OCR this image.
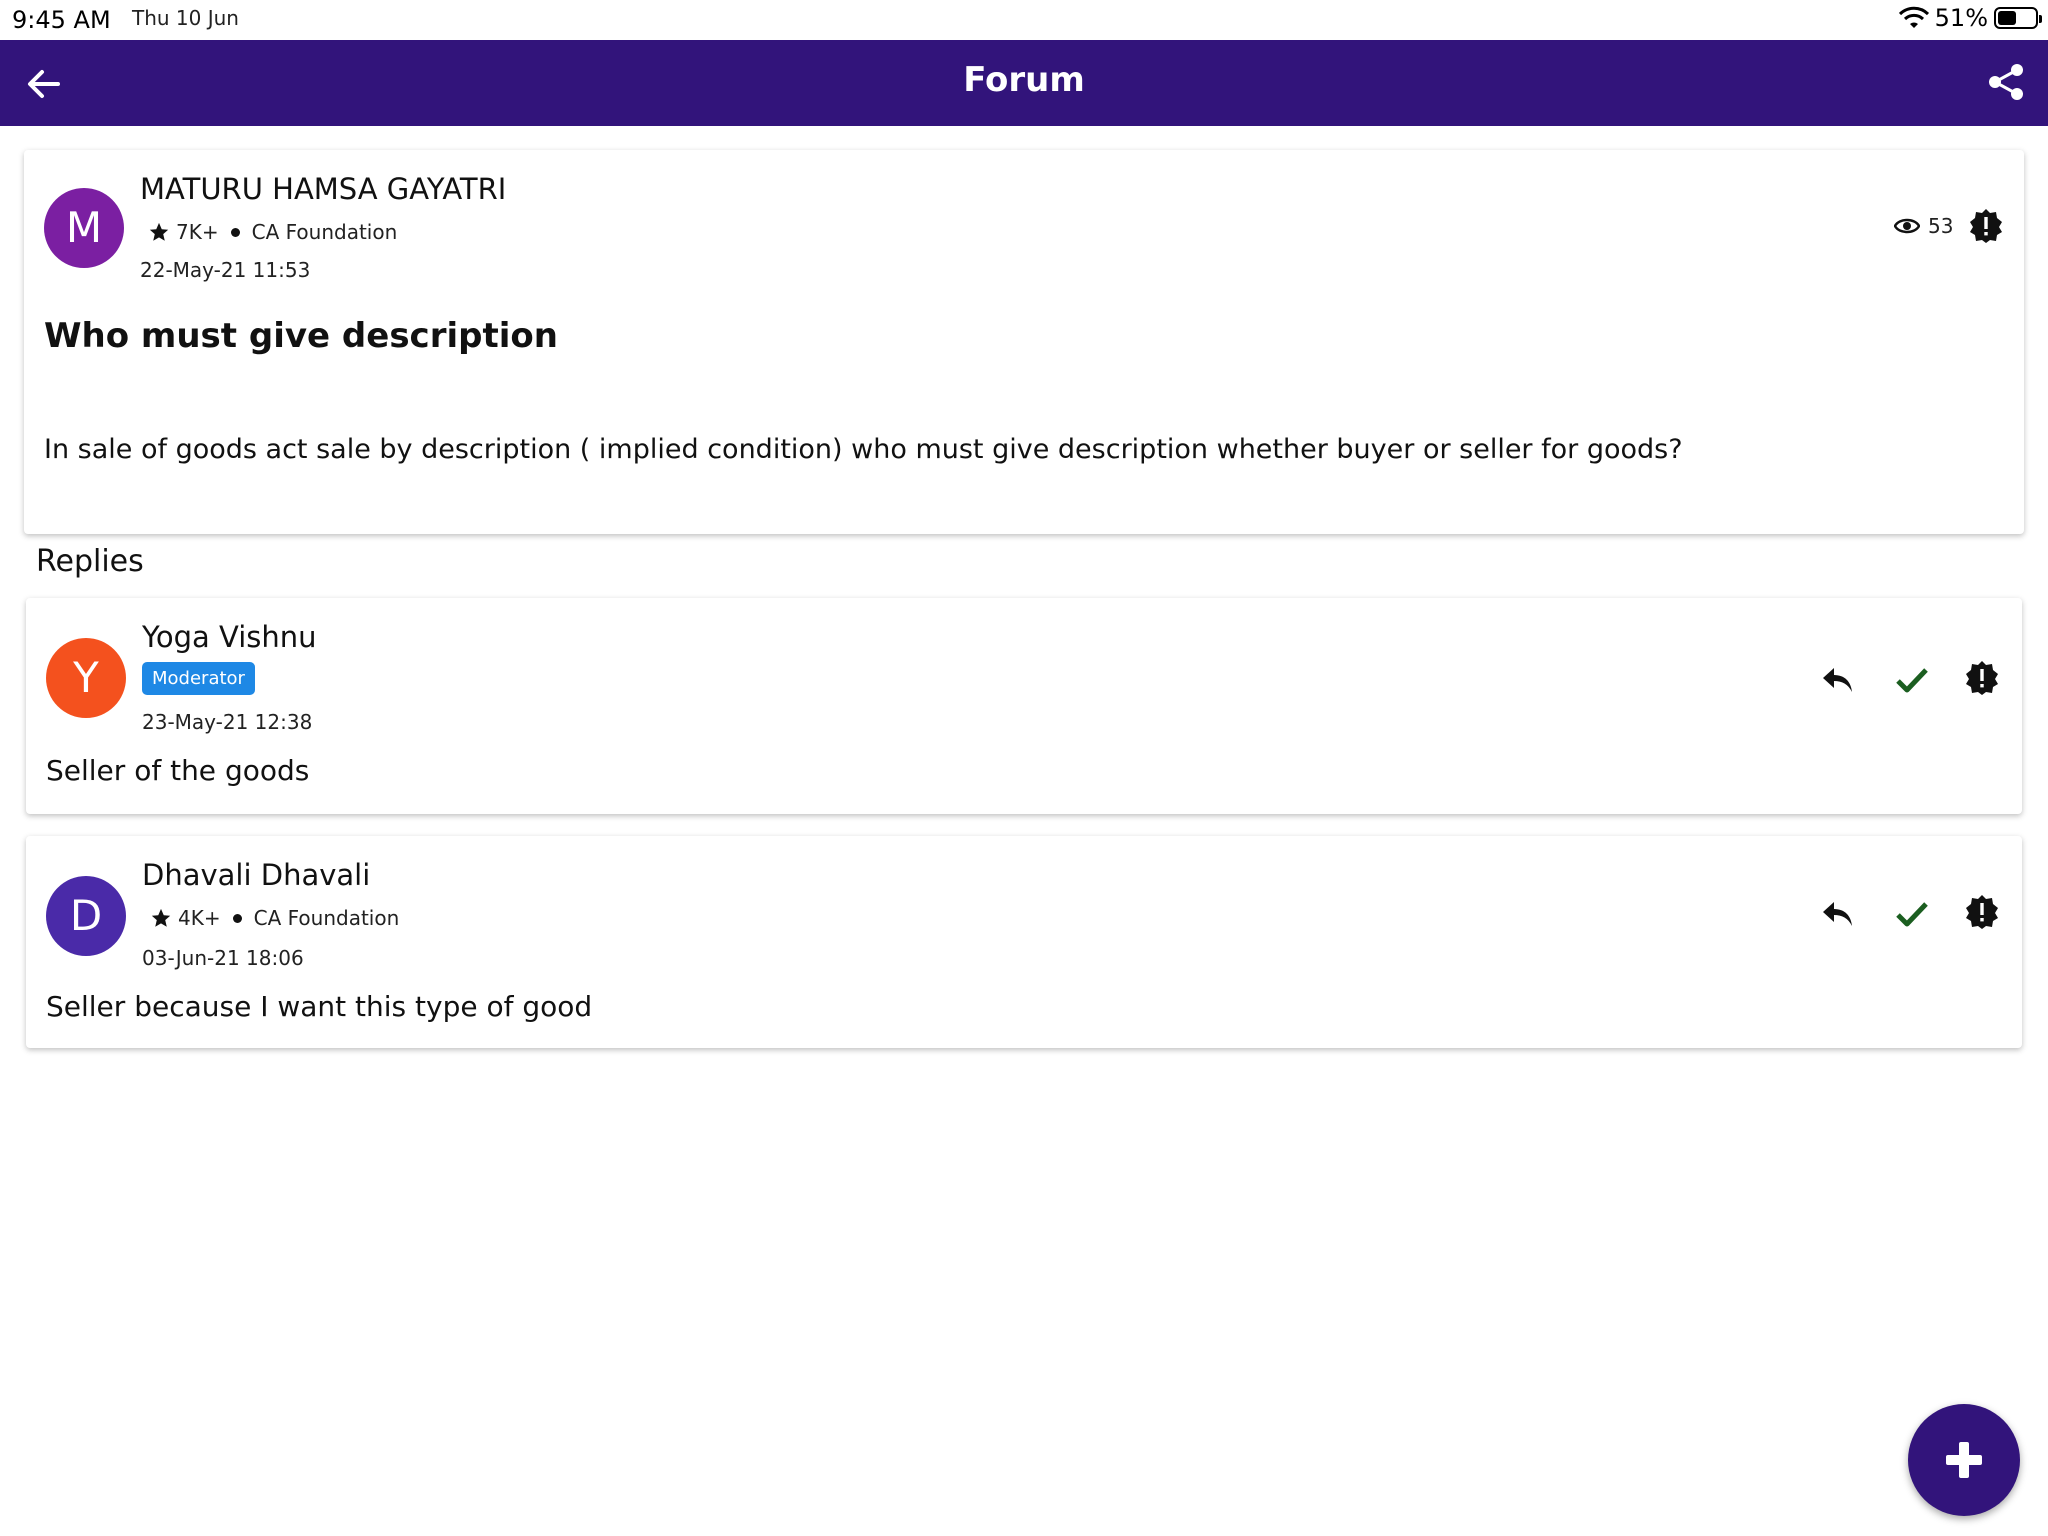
9:45 AM Thu 10 Jun	51%
Forum
M
MATURU HAMSA GAYATRI
7K+ CA Foundation
22-May-21 11:53
53
Who must give description
In sale of goods act sale by description ( implied condition) who must give description whether buyer or seller for goods?
Replies
Y
Yoga Vishnu
Moderator
23-May-21 12:38
Seller of the goods
D
Dhavali Dhavali
4K+ CA Foundation
03-Jun-21 18:06
Seller because I want this type of good
